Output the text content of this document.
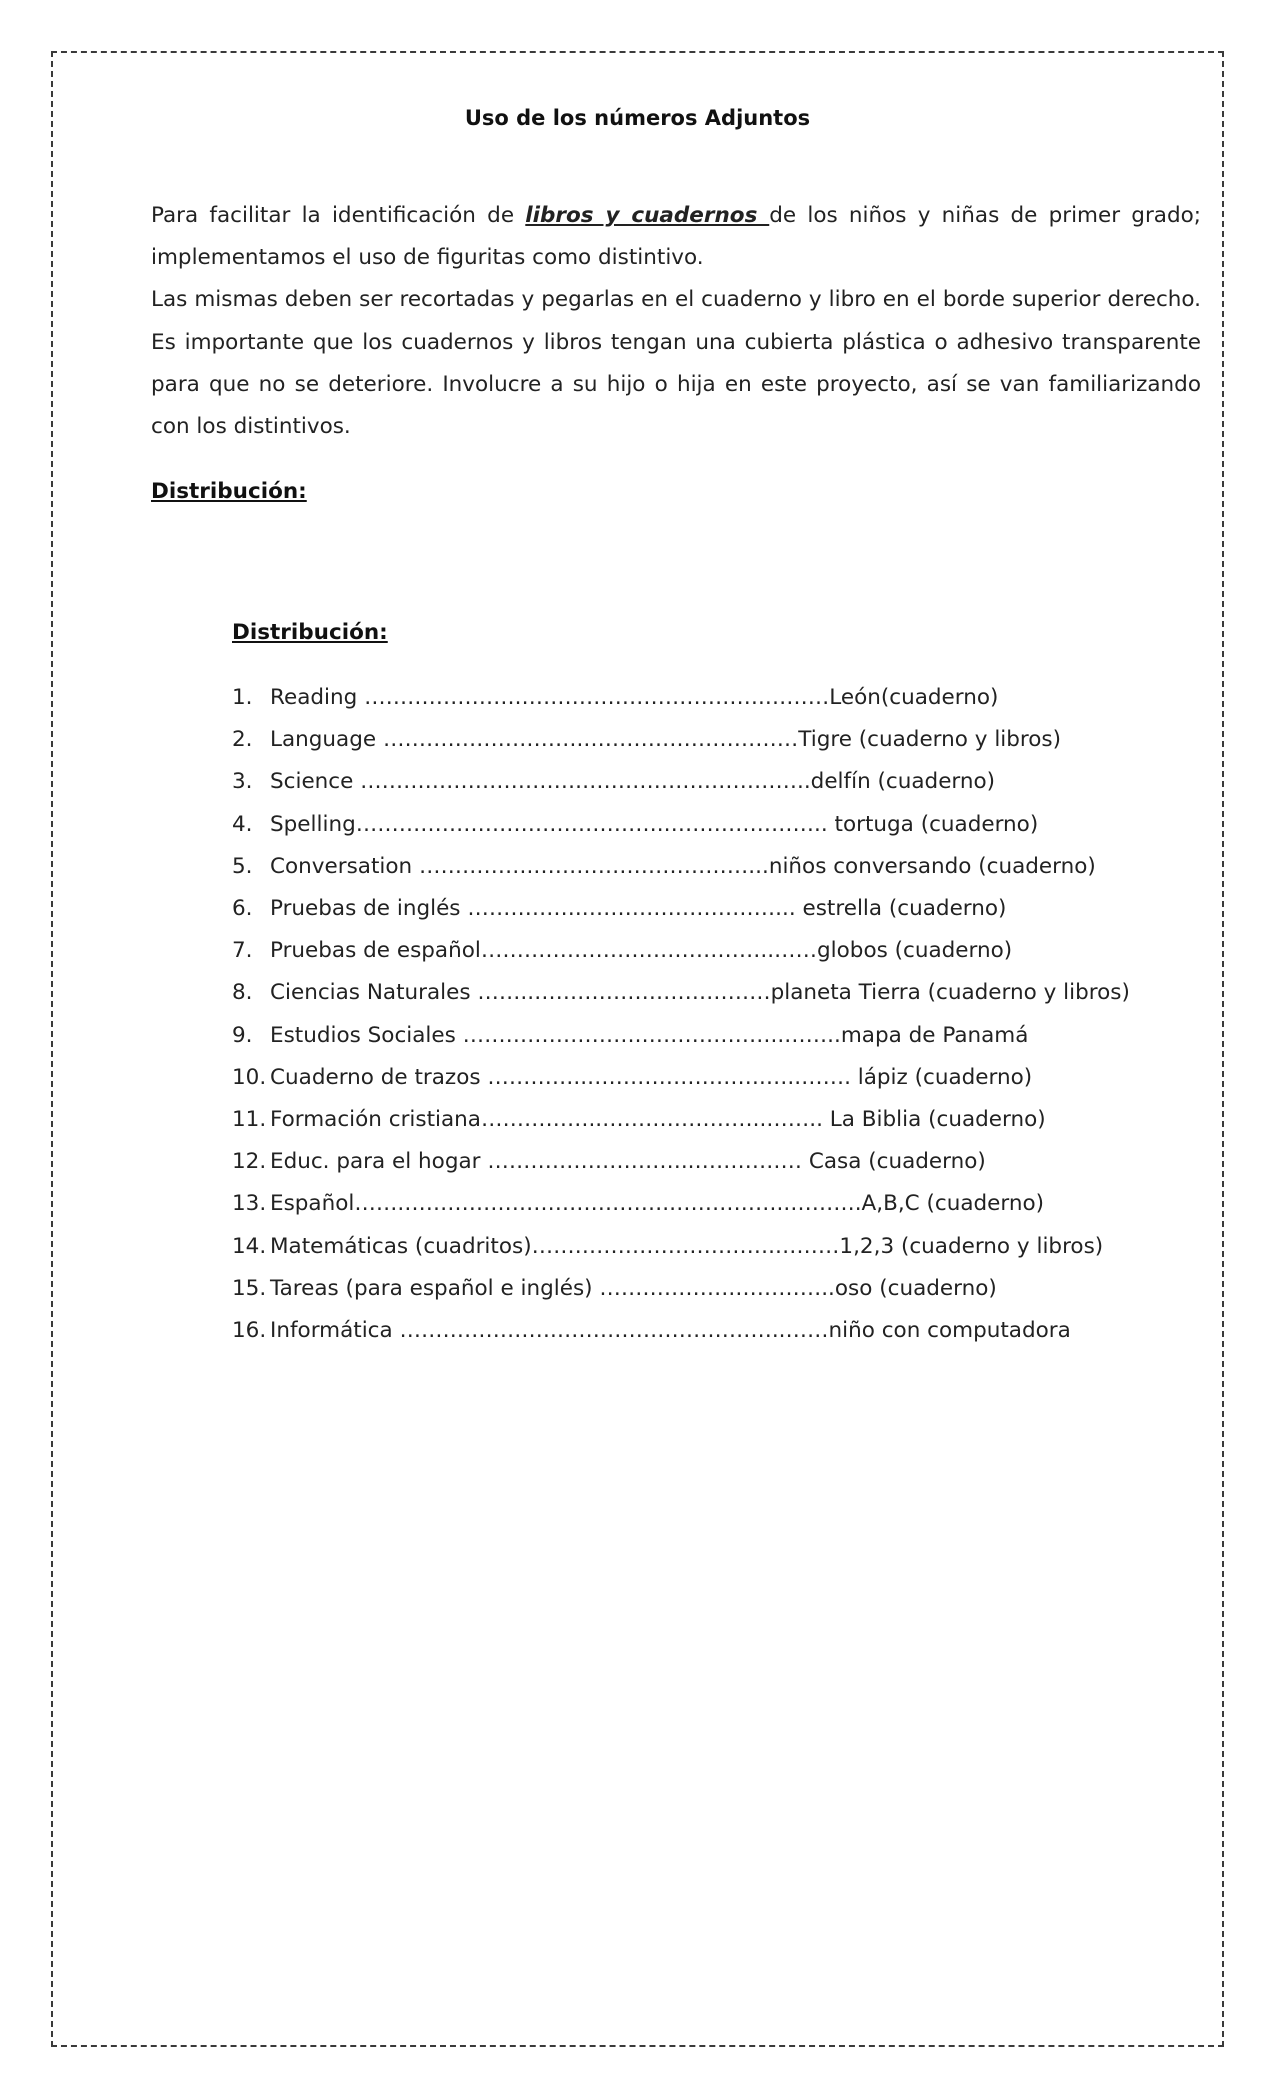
Uso de los números Adjuntos

Para facilitar la identificación de libros y cuadernos de los niños y niñas de primer grado; implementamos el uso de figuritas como distintivo.

Las mismas deben ser recortadas y pegarlas en el cuaderno y libro en el borde superior derecho. Es importante que los cuadernos y libros tengan una cubierta plástica o adhesivo transparente para que no se deteriore. Involucre a su hijo o hija en este proyecto, así se van familiarizando con los distintivos.

Distribución:
Distribución:
1. Reading ………………….…………………………….………León(cuaderno)
2. Language ……………………….…………………………Tigre (cuaderno y libros)
3. Science ………………………….…………………………..delfín (cuaderno)
4. Spelling…………………………………….………………….. tortuga (cuaderno)
5. Conversation …………….…………………………...niños conversando (cuaderno)
6. Pruebas de inglés …………….………………………... estrella (cuaderno)
7. Pruebas de español…………………………………..……globos (cuaderno)
8. Ciencias Naturales ……..……………………………planeta Tierra (cuaderno y libros)
9. Estudios Sociales …………………….………………..……..mapa de Panamá
10. Cuaderno de trazos …………..…………………….…..……. lápiz (cuaderno)
11. Formación cristiana……………..…………………..…….. La Biblia (cuaderno)
12. Educ. para el hogar ………………………..…………… Casa (cuaderno)
13. Español…….……………………………….……………..……….A,B,C (cuaderno)
14. Matemáticas (cuadritos)…………………………….………1,2,3 (cuaderno y libros)
15. Tareas (para español e inglés) ……………….…………..oso (cuaderno)
16. Informática ………………….…………………………..……niño con computadora
